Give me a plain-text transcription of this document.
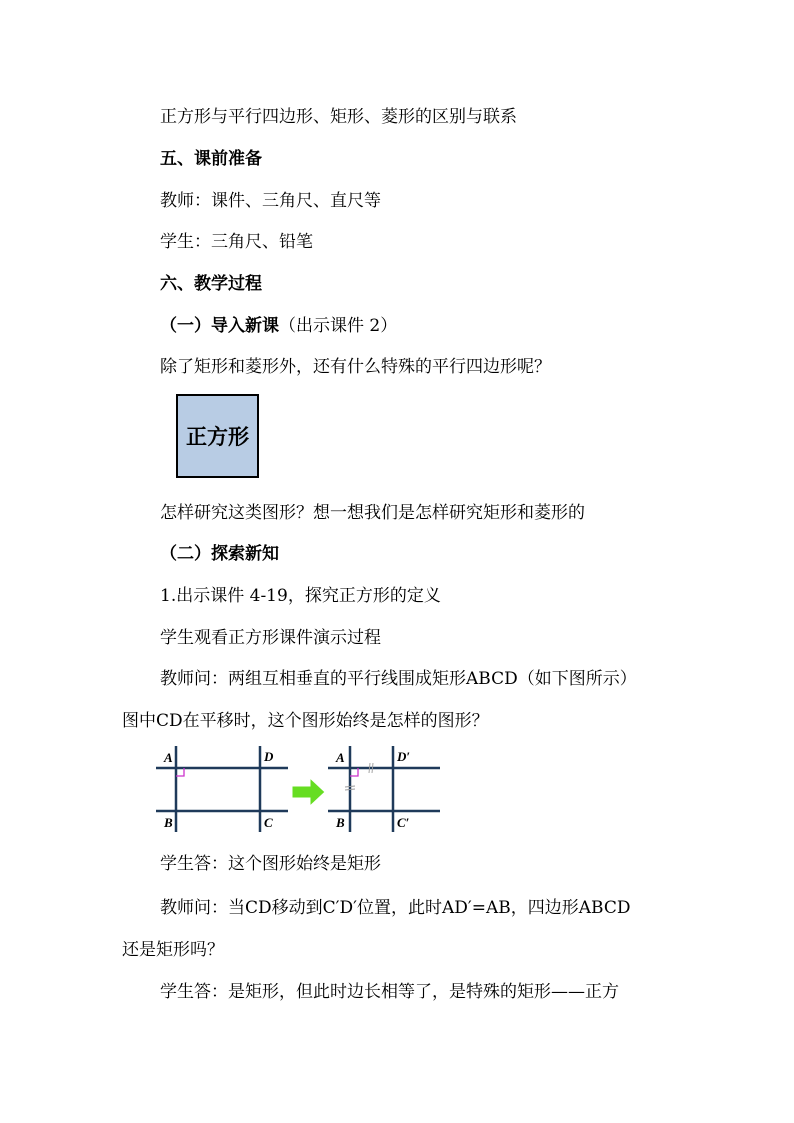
正方形与平行四边形、矩形、菱形的区别与联系
五、课前准备
教师：课件、三角尺、直尺等
学生：三角尺、铅笔
六、教学过程
（一）导入新课（出示课件 2）
除了矩形和菱形外，还有什么特殊的平行四边形呢？
正方形
怎样研究这类图形？想一想我们是怎样研究矩形和菱形的
（二）探索新知
1.出示课件 4-19，探究正方形的定义
学生观看正方形课件演示过程
教师问：两组互相垂直的平行线围成矩形ABCD（如下图所示）
图中CD在平移时，这个图形始终是怎样的图形？
A	D
B	C
A	D′
B	C′
学生答：这个图形始终是矩形
教师问：当CD移动到C′D′位置，此时AD′=AB，四边形ABCD
还是矩形吗？
学生答：是矩形，但此时边长相等了，是特殊的矩形——正方
